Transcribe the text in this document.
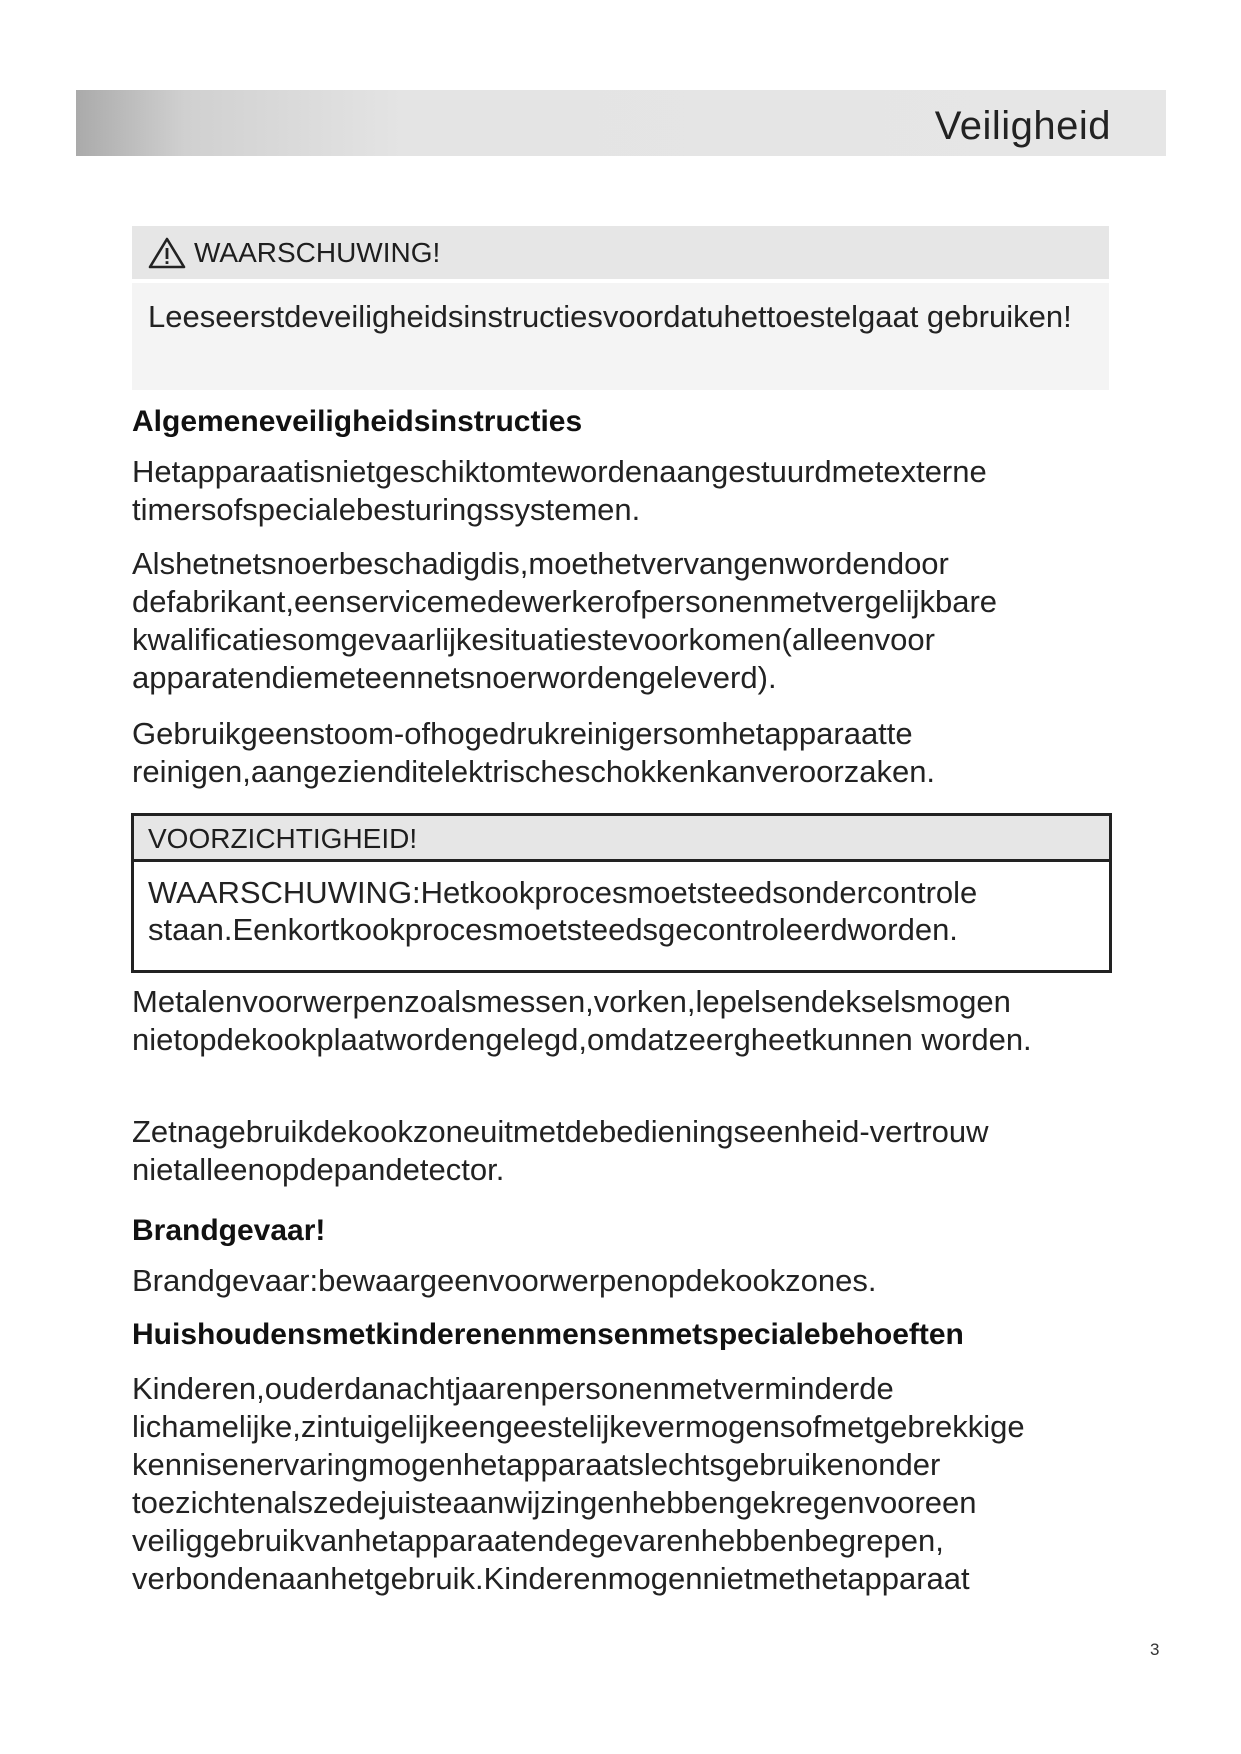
Veiligheid
WAARSCHUWING!
Leeseerstdeveiligheidsinstructiesvoordatuhettoestelgaat gebruiken!
Algemeneveiligheidsinstructies
Hetapparaatisnietgeschiktomtewordenaangestuurdmetexterne timersofspecialebesturingssystemen.
Alshetnetsnoerbeschadigdis,moethetvervangenwordendoor defabrikant,eenservicemedewerkerofpersonenmetvergelijkbare kwalificatiesomgevaarlijkesituatiestevoorkomen(alleenvoor apparatendiemeteennetsnoerwordengeleverd).
Gebruikgeenstoom-ofhogedrukreinigersomhetapparaatte reinigen,aangezienditelektrischeschokkenkanveroorzaken.
VOORZICHTIGHEID!
WAARSCHUWING:Hetkookprocesmoetsteedsondercontrole staan.Eenkortkookprocesmoetsteedsgecontroleerdworden.
Metalenvoorwerpenzoalsmessen,vorken,lepelsendekselsmogen nietopdekookplaatwordengelegd,omdatzeergheetkunnen worden.
Zetnagebruikdekookzoneuitmetdebedieningseenheid-vertrouw nietalleenopdepandetector.
Brandgevaar!
Brandgevaar:bewaargeenvoorwerpenopdekookzones.
Huishoudensmetkinderenenmensenmetspecialebehoeften
Kinderen,ouderdanachtjaarenpersonenmetverminderde lichamelijke,zintuigelijkeengeestelijkevermogensofmetgebrekkige kennisenervaringmogenhetapparaatslechtsgebruikenonder toezichtenalszedejuisteaanwijzingenhebbengekregenvooreen veiliggebruikvanhetapparaatendegevarenhebbenbegrepen, verbondenaanhetgebruik.Kinderenmogennietmethetapparaat
3
